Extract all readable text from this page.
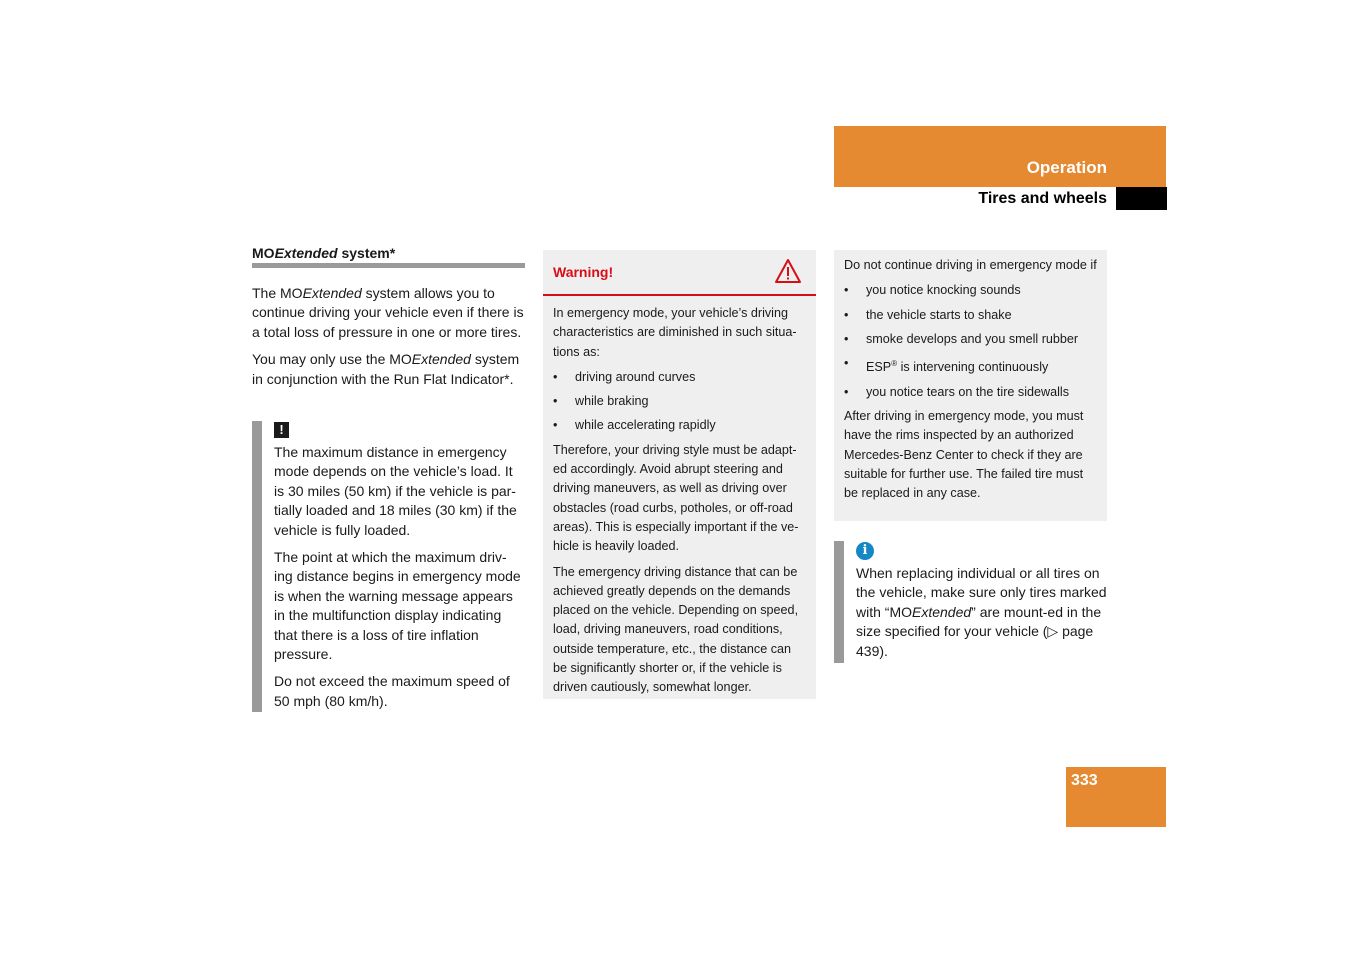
Operation
Tires and wheels

MOExtended system*

The MOExtended system allows you to continue driving your vehicle even if there is a total loss of pressure in one or more tires.

You may only use the MOExtended system in conjunction with the Run Flat Indicator*.

!

The maximum distance in emergency mode depends on the vehicle’s load. It is 30 miles (50 km) if the vehicle is par-tially loaded and 18 miles (30 km) if the vehicle is fully loaded.

The point at which the maximum driv-ing distance begins in emergency mode is when the warning message appears in the multifunction display indicating that there is a loss of tire inflation pressure.

Do not exceed the maximum speed of 50 mph (80 km/h).

Warning!

In emergency mode, your vehicle’s driving characteristics are diminished in such situa-tions as:

• driving around curves
• while braking
• while accelerating rapidly

Therefore, your driving style must be adapt-ed accordingly. Avoid abrupt steering and driving maneuvers, as well as driving over obstacles (road curbs, potholes, or off-road areas). This is especially important if the ve-hicle is heavily loaded.

The emergency driving distance that can be achieved greatly depends on the demands placed on the vehicle. Depending on speed, load, driving maneuvers, road conditions, outside temperature, etc., the distance can be significantly shorter or, if the vehicle is driven cautiously, somewhat longer.

Do not continue driving in emergency mode if

• you notice knocking sounds
• the vehicle starts to shake
• smoke develops and you smell rubber
• ESP® is intervening continuously
• you notice tears on the tire sidewalls

After driving in emergency mode, you must have the rims inspected by an authorized Mercedes-Benz Center to check if they are suitable for further use. The failed tire must be replaced in any case.

i

When replacing individual or all tires on the vehicle, make sure only tires marked with “MOExtended” are mount-ed in the size specified for your vehicle (▷ page 439).

333
